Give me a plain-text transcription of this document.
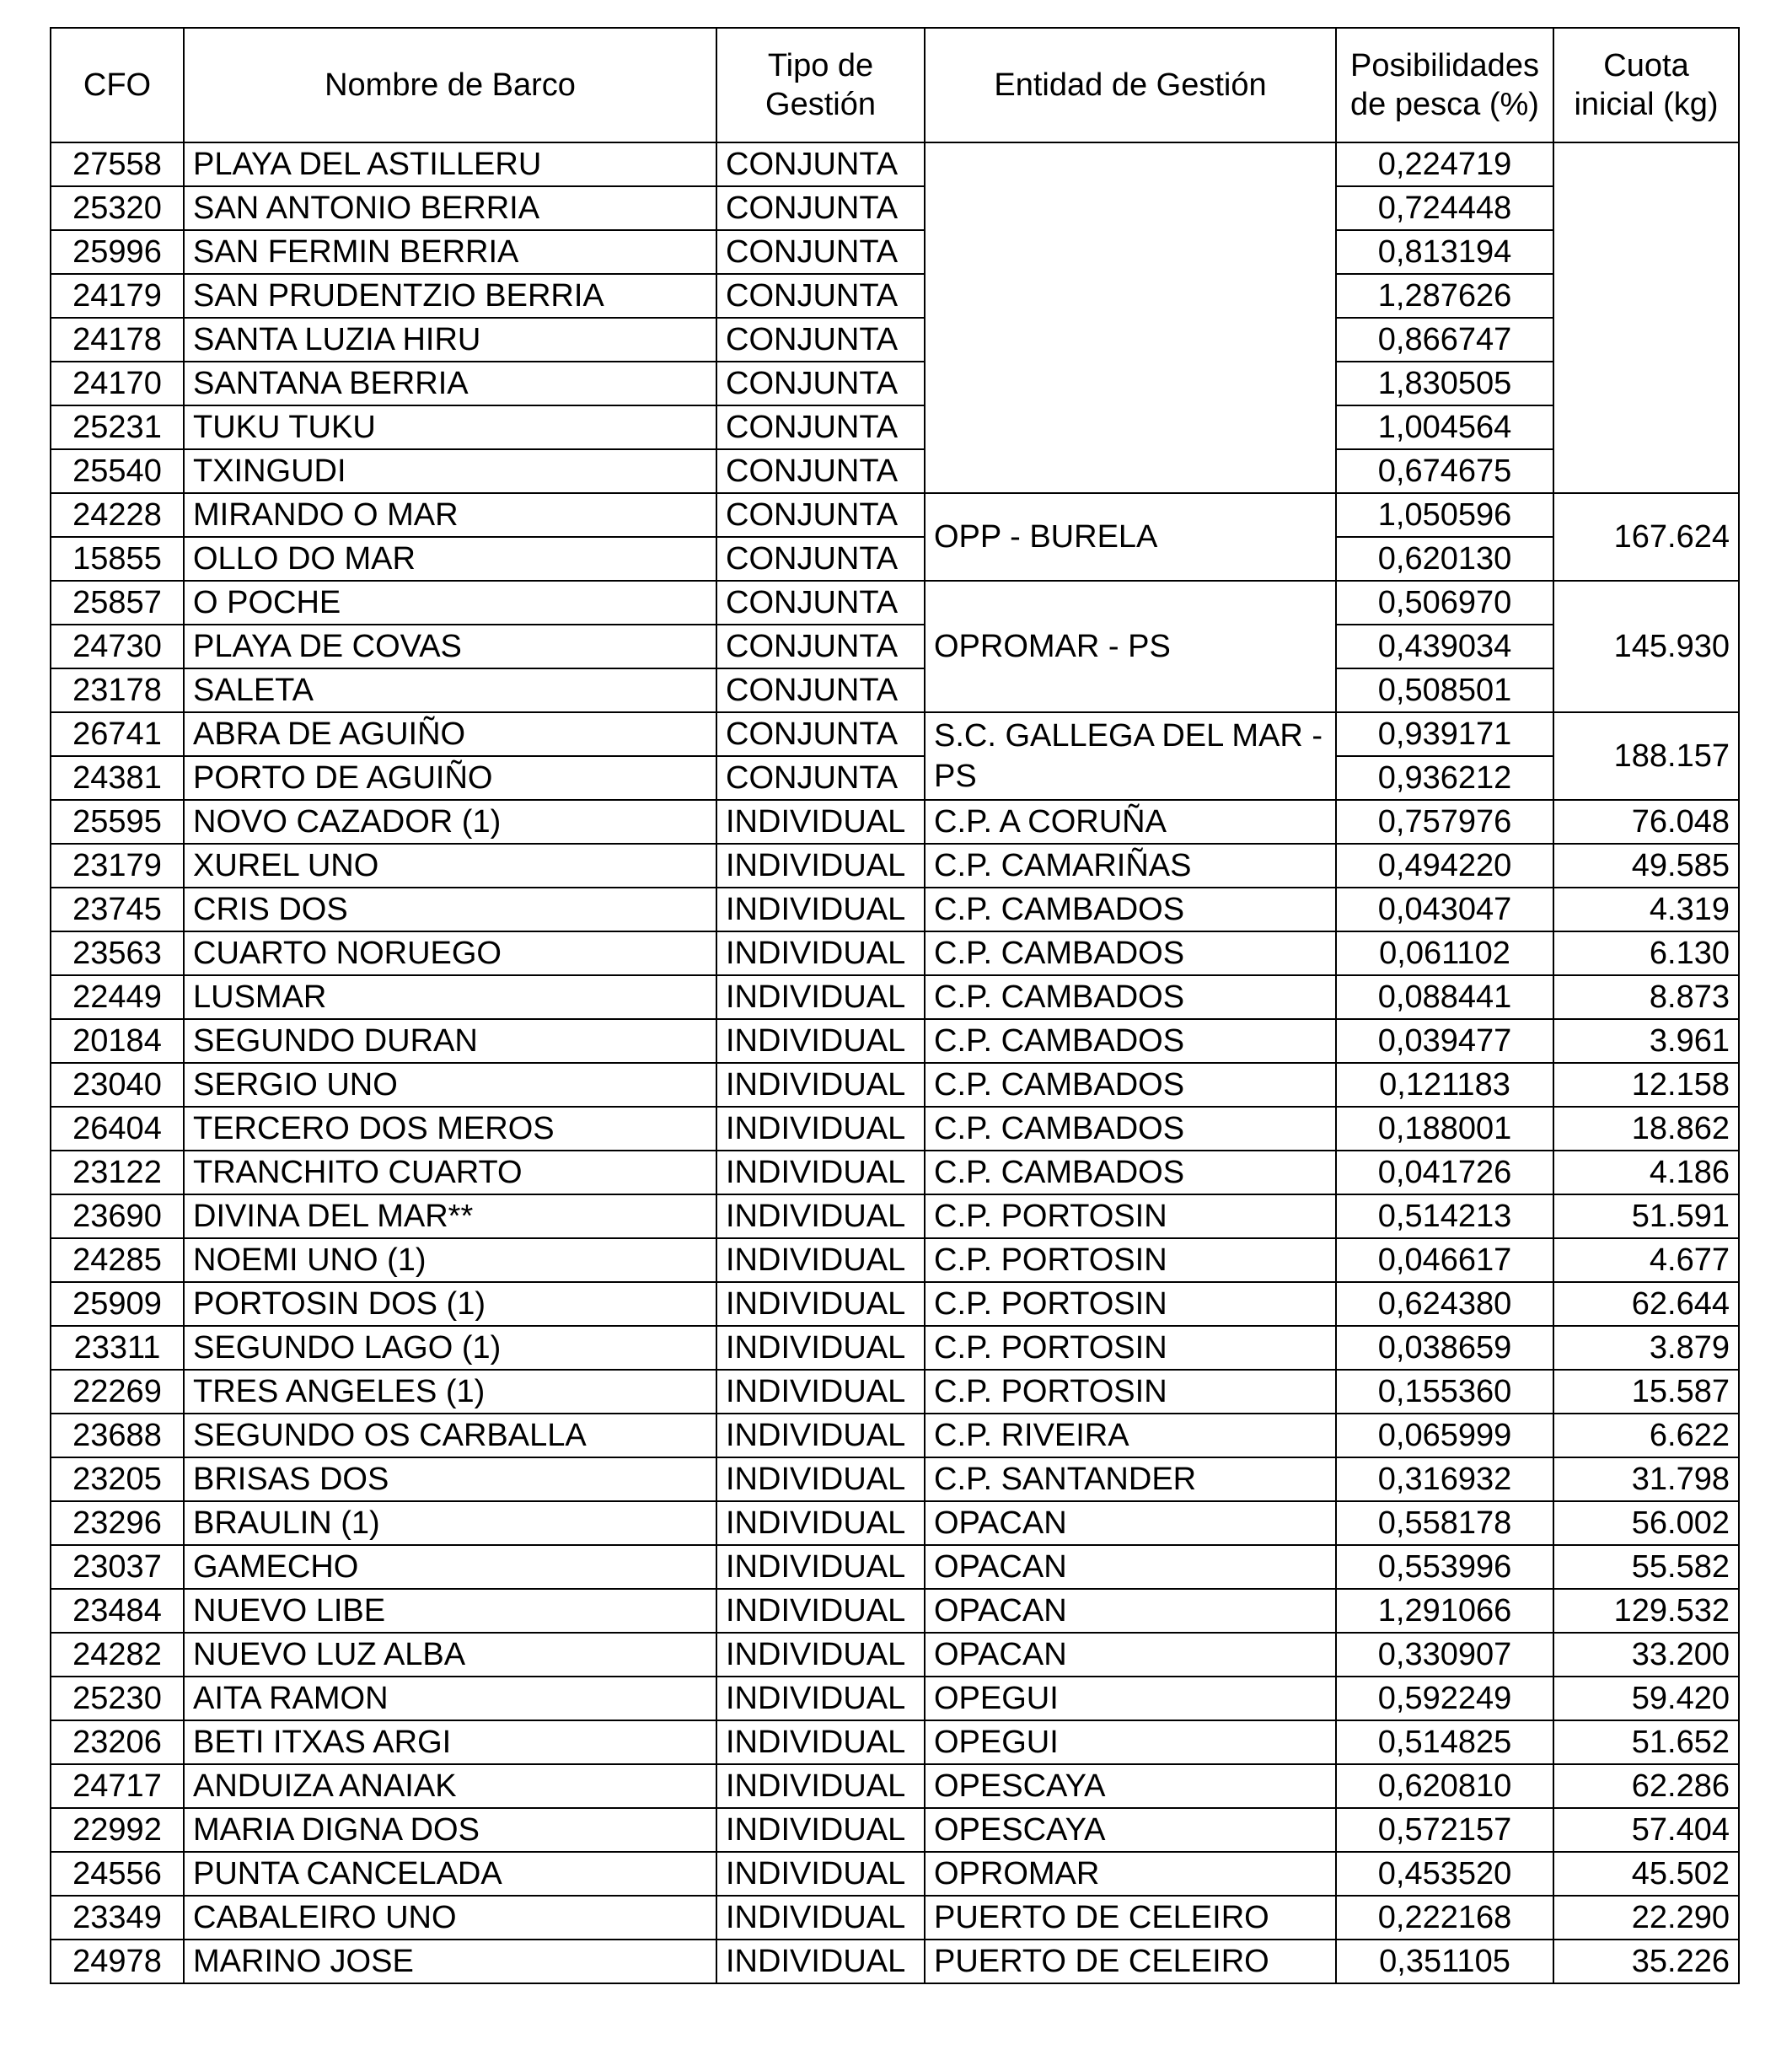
CFO	Nombre de Barco	Tipo de Gestión	Entidad de Gestión	Posibilidades de pesca (%)	Cuota inicial (kg)
27558	PLAYA DEL ASTILLERU	CONJUNTA		0,224719	
25320	SAN ANTONIO BERRIA	CONJUNTA		0,724448	
25996	SAN FERMIN BERRIA	CONJUNTA		0,813194	
24179	SAN PRUDENTZIO BERRIA	CONJUNTA		1,287626	
24178	SANTA LUZIA HIRU	CONJUNTA		0,866747	
24170	SANTANA BERRIA	CONJUNTA		1,830505	
25231	TUKU TUKU	CONJUNTA		1,004564	
25540	TXINGUDI	CONJUNTA		0,674675	
24228	MIRANDO O MAR	CONJUNTA	OPP - BURELA	1,050596	167.624
15855	OLLO DO MAR	CONJUNTA		0,620130	
25857	O POCHE	CONJUNTA	OPROMAR - PS	0,506970	145.930
24730	PLAYA DE COVAS	CONJUNTA		0,439034	
23178	SALETA	CONJUNTA		0,508501	
26741	ABRA DE AGUIÑO	CONJUNTA	S.C. GALLEGA DEL MAR - PS	0,939171	188.157
24381	PORTO DE AGUIÑO	CONJUNTA		0,936212	
25595	NOVO CAZADOR (1)	INDIVIDUAL	C.P. A CORUÑA	0,757976	76.048
23179	XUREL UNO	INDIVIDUAL	C.P. CAMARIÑAS	0,494220	49.585
23745	CRIS DOS	INDIVIDUAL	C.P. CAMBADOS	0,043047	4.319
23563	CUARTO NORUEGO	INDIVIDUAL	C.P. CAMBADOS	0,061102	6.130
22449	LUSMAR	INDIVIDUAL	C.P. CAMBADOS	0,088441	8.873
20184	SEGUNDO DURAN	INDIVIDUAL	C.P. CAMBADOS	0,039477	3.961
23040	SERGIO UNO	INDIVIDUAL	C.P. CAMBADOS	0,121183	12.158
26404	TERCERO DOS MEROS	INDIVIDUAL	C.P. CAMBADOS	0,188001	18.862
23122	TRANCHITO CUARTO	INDIVIDUAL	C.P. CAMBADOS	0,041726	4.186
23690	DIVINA DEL MAR**	INDIVIDUAL	C.P. PORTOSIN	0,514213	51.591
24285	NOEMI UNO (1)	INDIVIDUAL	C.P. PORTOSIN	0,046617	4.677
25909	PORTOSIN DOS (1)	INDIVIDUAL	C.P. PORTOSIN	0,624380	62.644
23311	SEGUNDO LAGO (1)	INDIVIDUAL	C.P. PORTOSIN	0,038659	3.879
22269	TRES ANGELES (1)	INDIVIDUAL	C.P. PORTOSIN	0,155360	15.587
23688	SEGUNDO OS CARBALLA	INDIVIDUAL	C.P. RIVEIRA	0,065999	6.622
23205	BRISAS DOS	INDIVIDUAL	C.P. SANTANDER	0,316932	31.798
23296	BRAULIN (1)	INDIVIDUAL	OPACAN	0,558178	56.002
23037	GAMECHO	INDIVIDUAL	OPACAN	0,553996	55.582
23484	NUEVO LIBE	INDIVIDUAL	OPACAN	1,291066	129.532
24282	NUEVO LUZ ALBA	INDIVIDUAL	OPACAN	0,330907	33.200
25230	AITA RAMON	INDIVIDUAL	OPEGUI	0,592249	59.420
23206	BETI ITXAS ARGI	INDIVIDUAL	OPEGUI	0,514825	51.652
24717	ANDUIZA ANAIAK	INDIVIDUAL	OPESCAYA	0,620810	62.286
22992	MARIA DIGNA DOS	INDIVIDUAL	OPESCAYA	0,572157	57.404
24556	PUNTA CANCELADA	INDIVIDUAL	OPROMAR	0,453520	45.502
23349	CABALEIRO UNO	INDIVIDUAL	PUERTO DE CELEIRO	0,222168	22.290
24978	MARINO JOSE	INDIVIDUAL	PUERTO DE CELEIRO	0,351105	35.226
